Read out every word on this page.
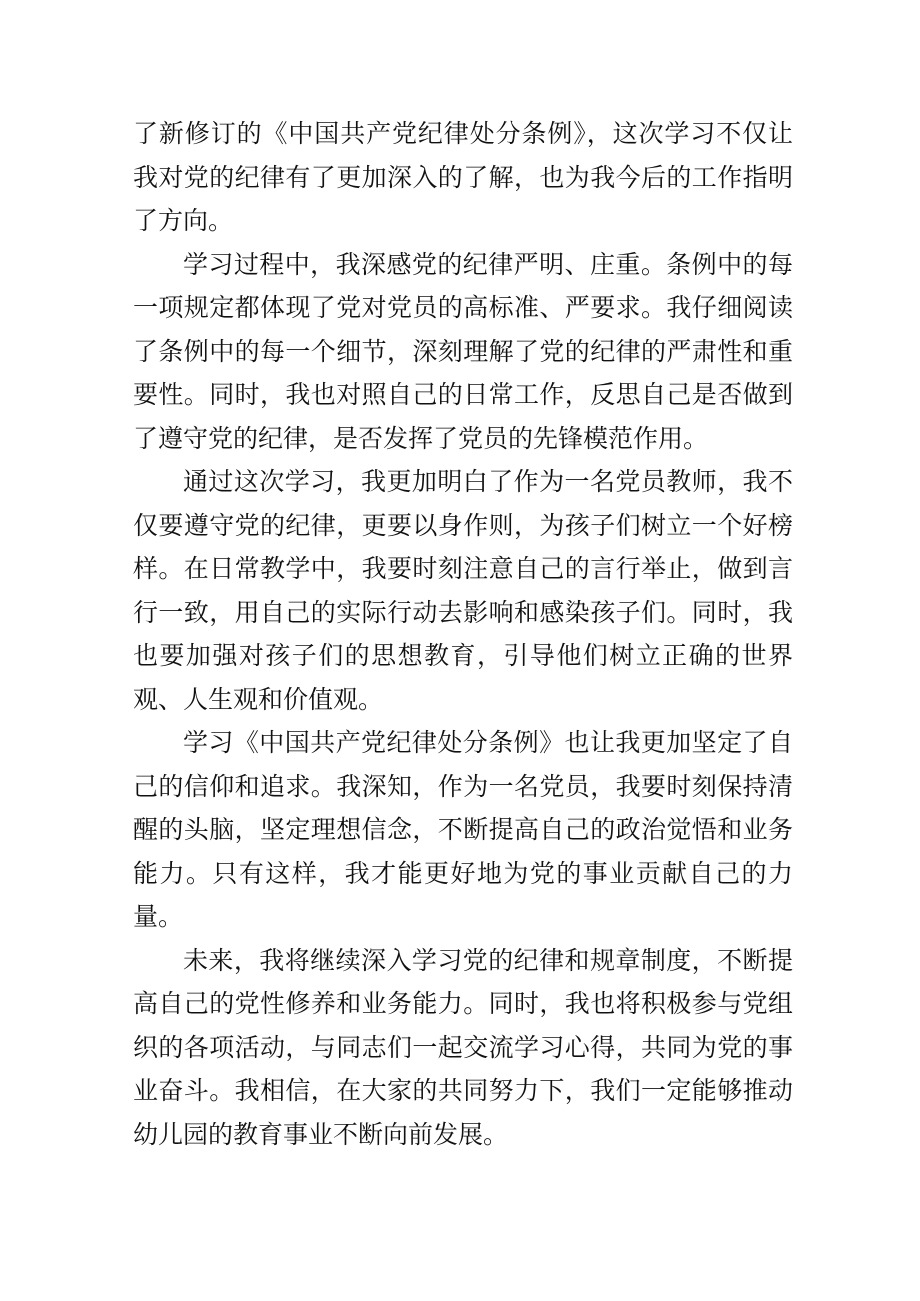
了新修订的《中国共产党纪律处分条例》，这次学习不仅让我对党的纪律有了更加深入的了解，也为我今后的工作指明了方向。

学习过程中，我深感党的纪律严明、庄重。条例中的每一项规定都体现了党对党员的高标准、严要求。我仔细阅读了条例中的每一个细节，深刻理解了党的纪律的严肃性和重要性。同时，我也对照自己的日常工作，反思自己是否做到了遵守党的纪律，是否发挥了党员的先锋模范作用。

通过这次学习，我更加明白了作为一名党员教师，我不仅要遵守党的纪律，更要以身作则，为孩子们树立一个好榜样。在日常教学中，我要时刻注意自己的言行举止，做到言行一致，用自己的实际行动去影响和感染孩子们。同时，我也要加强对孩子们的思想教育，引导他们树立正确的世界观、人生观和价值观。

学习《中国共产党纪律处分条例》也让我更加坚定了自己的信仰和追求。我深知，作为一名党员，我要时刻保持清醒的头脑，坚定理想信念，不断提高自己的政治觉悟和业务能力。只有这样，我才能更好地为党的事业贡献自己的力量。

未来，我将继续深入学习党的纪律和规章制度，不断提高自己的党性修养和业务能力。同时，我也将积极参与党组织的各项活动，与同志们一起交流学习心得，共同为党的事业奋斗。我相信，在大家的共同努力下，我们一定能够推动幼儿园的教育事业不断向前发展。
